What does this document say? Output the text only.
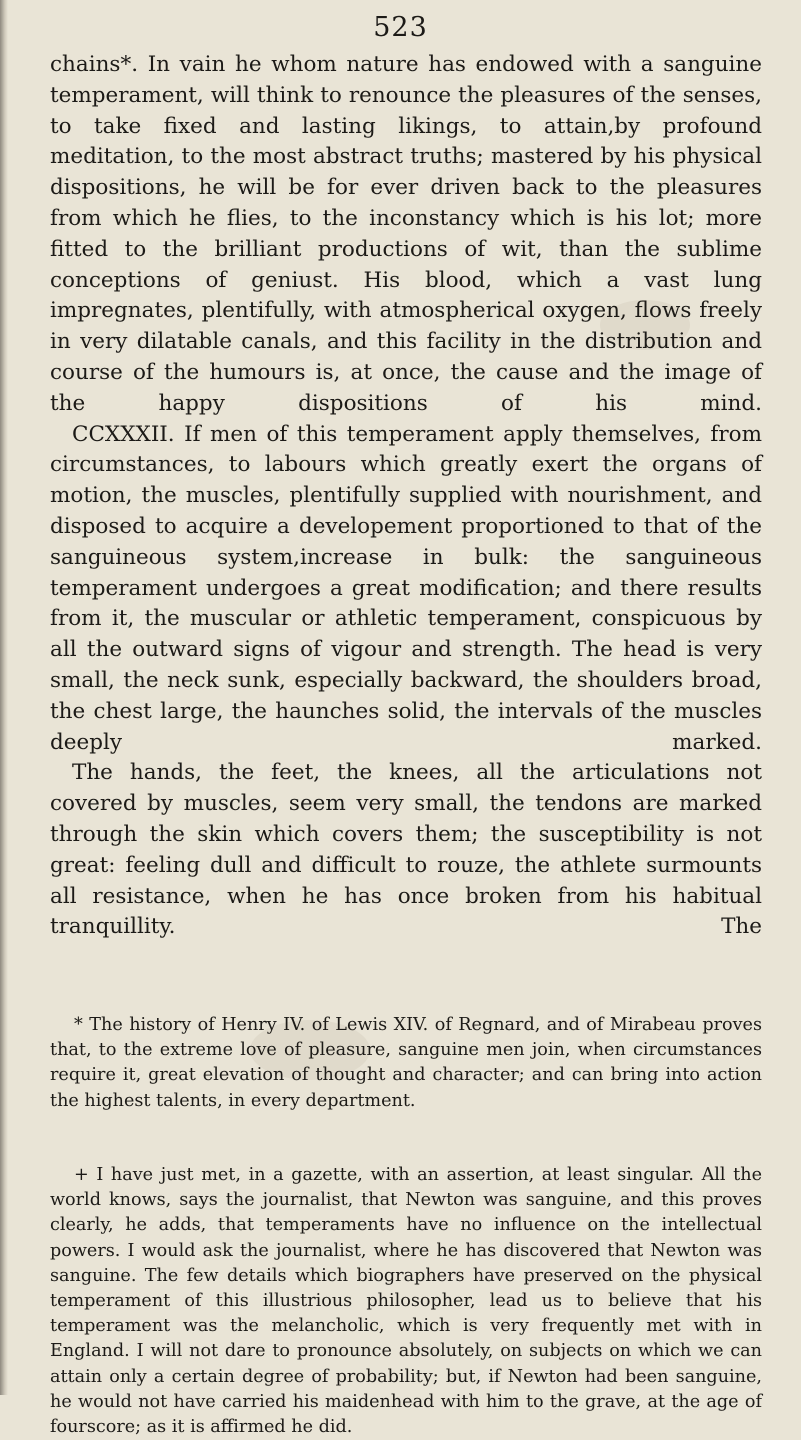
523

chains*. In vain he whom nature has endowed with a sanguine temperament, will think to renounce the pleasures of the senses, to take fixed and lasting likings, to attain,by profound meditation, to the most abstract truths; mastered by his physical dispositions, he will be for ever driven back to the pleasures from which he flies, to the inconstancy which is his lot; more fitted to the brilliant productions of wit, than the sublime conceptions of geniust. His blood, which a vast lung impregnates, plentifully, with atmospherical oxygen, flows freely in very dilatable canals, and this facility in the distribution and course of the humours is, at once, the cause and the image of the happy dispositions of his mind.

CCXXXII. If men of this temperament apply themselves, from circumstances, to labours which greatly exert the organs of motion, the muscles, plentifully supplied with nourishment, and disposed to acquire a developement proportioned to that of the sanguineous system,increase in bulk: the sanguineous temperament undergoes a great modification; and there results from it, the muscular or athletic temperament, conspicuous by all the outward signs of vigour and strength. The head is very small, the neck sunk, especially backward, the shoulders broad, the chest large, the haunches solid, the intervals of the muscles deeply marked.

The hands, the feet, the knees, all the articulations not covered by muscles, seem very small, the tendons are marked through the skin which covers them; the susceptibility is not great: feeling dull and difficult to rouze, the athlete surmounts all resistance, when he has once broken from his habitual tranquillity. The

* The history of Henry IV. of Lewis XIV. of Regnard, and of Mirabeau proves that, to the extreme love of pleasure, sanguine men join, when circumstances require it, great elevation of thought and character; and can bring into action the highest talents, in every department.

+ I have just met, in a gazette, with an assertion, at least singular. All the world knows, says the journalist, that Newton was sanguine, and this proves clearly, he adds, that temperaments have no influence on the intellectual powers. I would ask the journalist, where he has discovered that Newton was sanguine. The few details which biographers have preserved on the physical temperament of this illustrious philosopher, lead us to believe that his temperament was the melancholic, which is very frequently met with in England. I will not dare to pronounce absolutely, on subjects on which we can attain only a certain degree of probability; but, if Newton had been sanguine, he would not have carried his maidenhead with him to the grave, at the age of fourscore; as it is affirmed he did.
